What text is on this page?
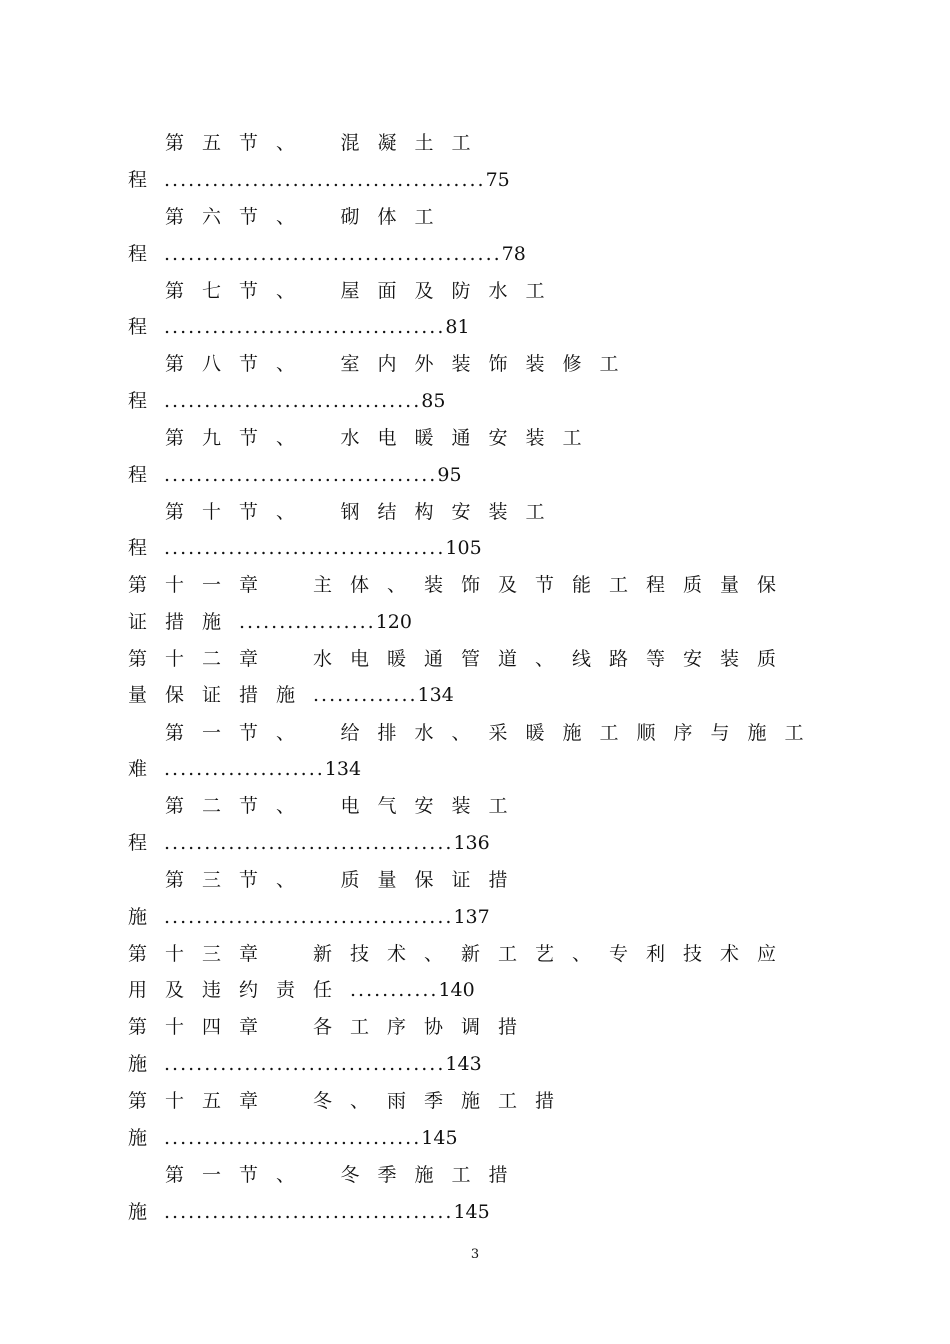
第五节、　混凝土工
程 ........................................75
第六节、　砌体工
程 ..........................................78
第七节、　屋面及防水工
程 ...................................81
第八节、　室内外装饰装修工
程 ................................85
第九节、　水电暖通安装工
程 ..................................95
第十节、　钢结构安装工
程 ...................................105
第十一章　主体、装饰及节能工程质量保
证措施.................120
第十二章　水电暖通管道、线路等安装质
量保证措施.............134
第一节、　给排水、采暖施工顺序与施工
难 ....................134
第二节、　电气安装工
程 ....................................136
第三节、　质量保证措
施 ....................................137
第十三章　新技术、新工艺、专利技术应
用及违约责任...........140
第十四章　各工序协调措
施 ...................................143
第十五章　冬、雨季施工措
施 ................................145
第一节、　冬季施工措
施 ....................................145
3
